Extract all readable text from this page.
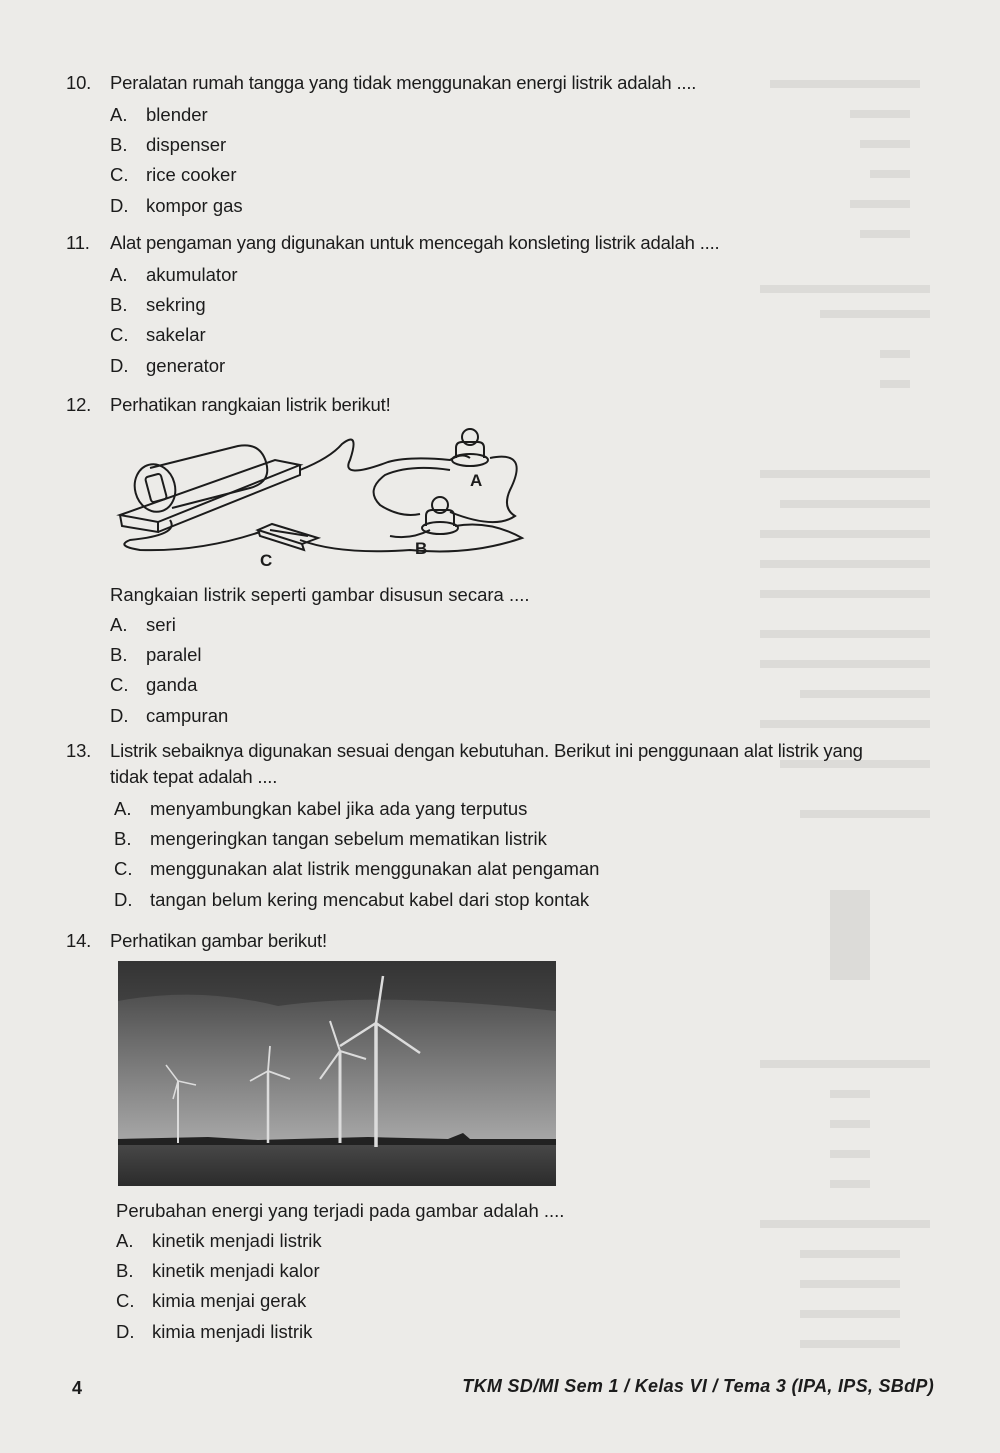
10. Peralatan rumah tangga yang tidak menggunakan energi listrik adalah ....
A. blender
B. dispenser
C. rice cooker
D. kompor gas
11. Alat pengaman yang digunakan untuk mencegah konsleting listrik adalah ....
A. akumulator
B. sekring
C. sakelar
D. generator
12. Perhatikan rangkaian listrik berikut!
A
B
C
Rangkaian listrik seperti gambar disusun secara ....
A. seri
B. paralel
C. ganda
D. campuran
13. Listrik sebaiknya digunakan sesuai dengan kebutuhan. Berikut ini penggunaan alat listrik yang
tidak tepat adalah ....
A. menyambungkan kabel jika ada yang terputus
B. mengeringkan tangan sebelum mematikan listrik
C. menggunakan alat listrik menggunakan alat pengaman
D. tangan belum kering mencabut kabel dari stop kontak
14. Perhatikan gambar berikut!
Perubahan energi yang terjadi pada gambar adalah ....
A. kinetik menjadi listrik
B. kinetik menjadi kalor
C. kimia menjai gerak
D. kimia menjadi listrik
4	TKM SD/MI Sem 1 / Kelas VI / Tema 3 (IPA, IPS, SBdP)
